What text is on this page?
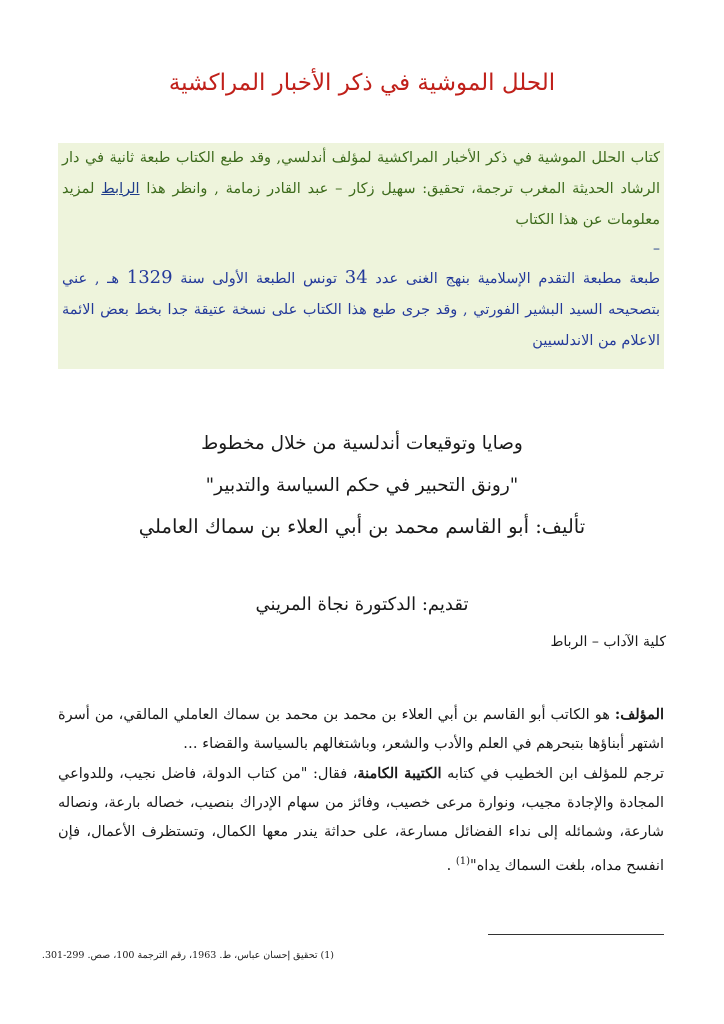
الحلل الموشية في ذكر الأخبار المراكشية

كتاب الحلل الموشية في ذكر الأخبار المراكشية لمؤلف أندلسي, وقد طبع الكتاب طبعة ثانية في دار الرشاد الحديثة المغرب ترجمة، تحقيق: سهيل زكار – عبد القادر زمامة , وانظر هذا الرابط لمزيد معلومات عن هذا الكتاب

–

طبعة مطبعة التقدم الإسلامية بنهج الغنى عدد 34 تونس الطبعة الأولى سنة 1329 هـ , عني بتصحيحه السيد البشير الفورتي , وقد جرى طبع هذا الكتاب على نسخة عتيقة جدا بخط بعض الائمة الاعلام من الاندلسيين

وصايا وتوقيعات أندلسية من خلال مخطوط
"رونق التحبير في حكم السياسة والتدبير"
تأليف: أبو القاسم محمد بن أبي العلاء بن سماك العاملي
تقديم: الدكتورة نجاة المريني
كلية الآداب – الرباط

المؤلف: هو الكاتب أبو القاسم بن أبي العلاء بن محمد بن محمد بن سماك العاملي المالقي، من أسرة اشتهر أبناؤها بتبحرهم في العلم والأدب والشعر، وباشتغالهم بالسياسة والقضاء …

ترجم للمؤلف ابن الخطيب في كتابه الكتيبة الكامنة، فقال: "من كتاب الدولة، فاضل نجيب، وللدواعي المجادة والإجادة مجيب، ونوارة مرعى خصيب، وفائز من سهام الإدراك بنصيب، خصاله بارعة، ونصاله شارعة، وشمائله إلى نداء الفضائل مسارعة، على حداثة يندر معها الكمال، وتستظرف الأعمال، فإن انفسح مداه، بلغت السماك يداه"$^{(1)}$ .

(1) تحقيق إحسان عباس، ط. 1963، رقم الترجمة 100، صص. 299-301.
